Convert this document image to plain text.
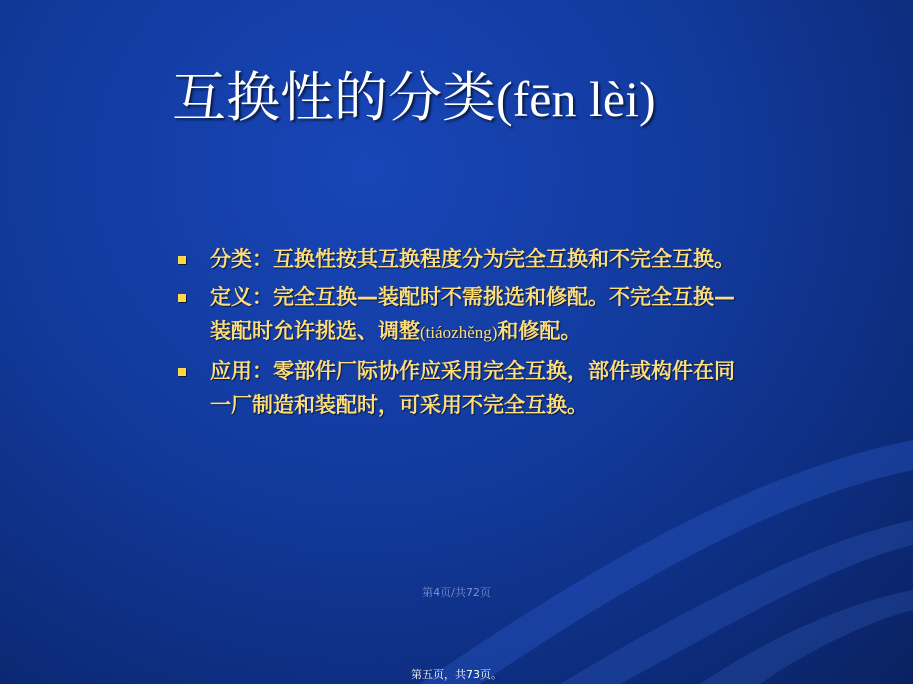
互换性的分类(fēn lèi)
分类：互换性按其互换程度分为完全互换和不完全互换。
定义：完全互换—装配时不需挑选和修配。不完全互换—装配时允许挑选、调整(tiáozhěng)和修配。
应用：零部件厂际协作应采用完全互换，部件或构件在同一厂制造和装配时，可采用不完全互换。
第4页/共72页
第五页，共73页。
